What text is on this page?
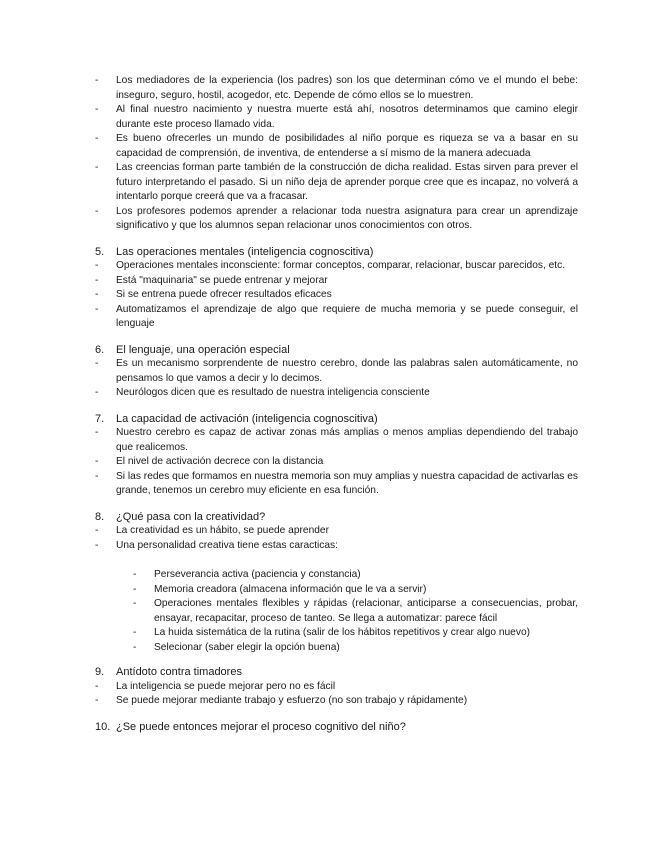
-	Los mediadores de la experiencia (los padres) son los que determinan cómo ve el mundo el bebe: inseguro, seguro, hostil, acogedor, etc. Depende de cómo ellos se lo muestren.
-	Al final nuestro nacimiento y nuestra muerte está ahí, nosotros determinamos que camino elegir durante este proceso llamado vida.
-	Es bueno ofrecerles un mundo de posibilidades al niño porque es riqueza se va a basar en su capacidad de comprensión, de inventiva, de entenderse a sí mismo de la manera adecuada
-	Las creencias forman parte también de la construcción de dicha realidad. Estas sirven para prever el futuro interpretando el pasado. Si un niño deja de aprender porque cree que es incapaz, no volverá a intentarlo porque creerá que va a fracasar.
-	Los profesores podemos aprender a relacionar toda nuestra asignatura para crear un aprendizaje significativo y que los alumnos sepan relacionar unos conocimientos con otros.
5. Las operaciones mentales (inteligencia cognoscitiva)
-	Operaciones mentales inconsciente: formar conceptos, comparar, relacionar, buscar parecidos, etc.
-	Está "maquinaria" se puede entrenar y mejorar
-	Si se entrena puede ofrecer resultados eficaces
-	Automatizamos el aprendizaje de algo que requiere de mucha memoria y se puede conseguir, el lenguaje
6. El lenguaje, una operación especial
-	Es un mecanismo sorprendente de nuestro cerebro, donde las palabras salen automáticamente, no pensamos lo que vamos a decir y lo decimos.
-	Neurólogos dicen que es resultado de nuestra inteligencia consciente
7. La capacidad de activación (inteligencia cognoscitiva)
-	Nuestro cerebro es capaz de activar zonas más amplias o menos amplias dependiendo del trabajo que realicemos.
-	El nivel de activación decrece con la distancia
-	Si las redes que formamos en nuestra memoria son muy amplias y nuestra capacidad de activarlas es grande, tenemos un cerebro muy eficiente en esa función.
8. ¿Qué pasa con la creatividad?
-	La creatividad es un hábito, se puede aprender
-	Una personalidad creativa tiene estas caracticas:
-	Perseverancia activa (paciencia y constancia)
-	Memoria creadora (almacena información que le va a servir)
-	Operaciones mentales flexibles y rápidas (relacionar, anticiparse a consecuencias, probar, ensayar, recapacitar, proceso de tanteo. Se llega a automatizar: parece fácil
-	La huida sistemática de la rutina (salir de los hábitos repetitivos y crear algo nuevo)
-	Selecionar (saber elegir la opción buena)
9. Antídoto contra timadores
-	La inteligencia se puede mejorar pero no es fácil
-	Se puede mejorar mediante trabajo y esfuerzo (no son trabajo y rápidamente)
10. ¿Se puede entonces mejorar el proceso cognitivo del niño?
